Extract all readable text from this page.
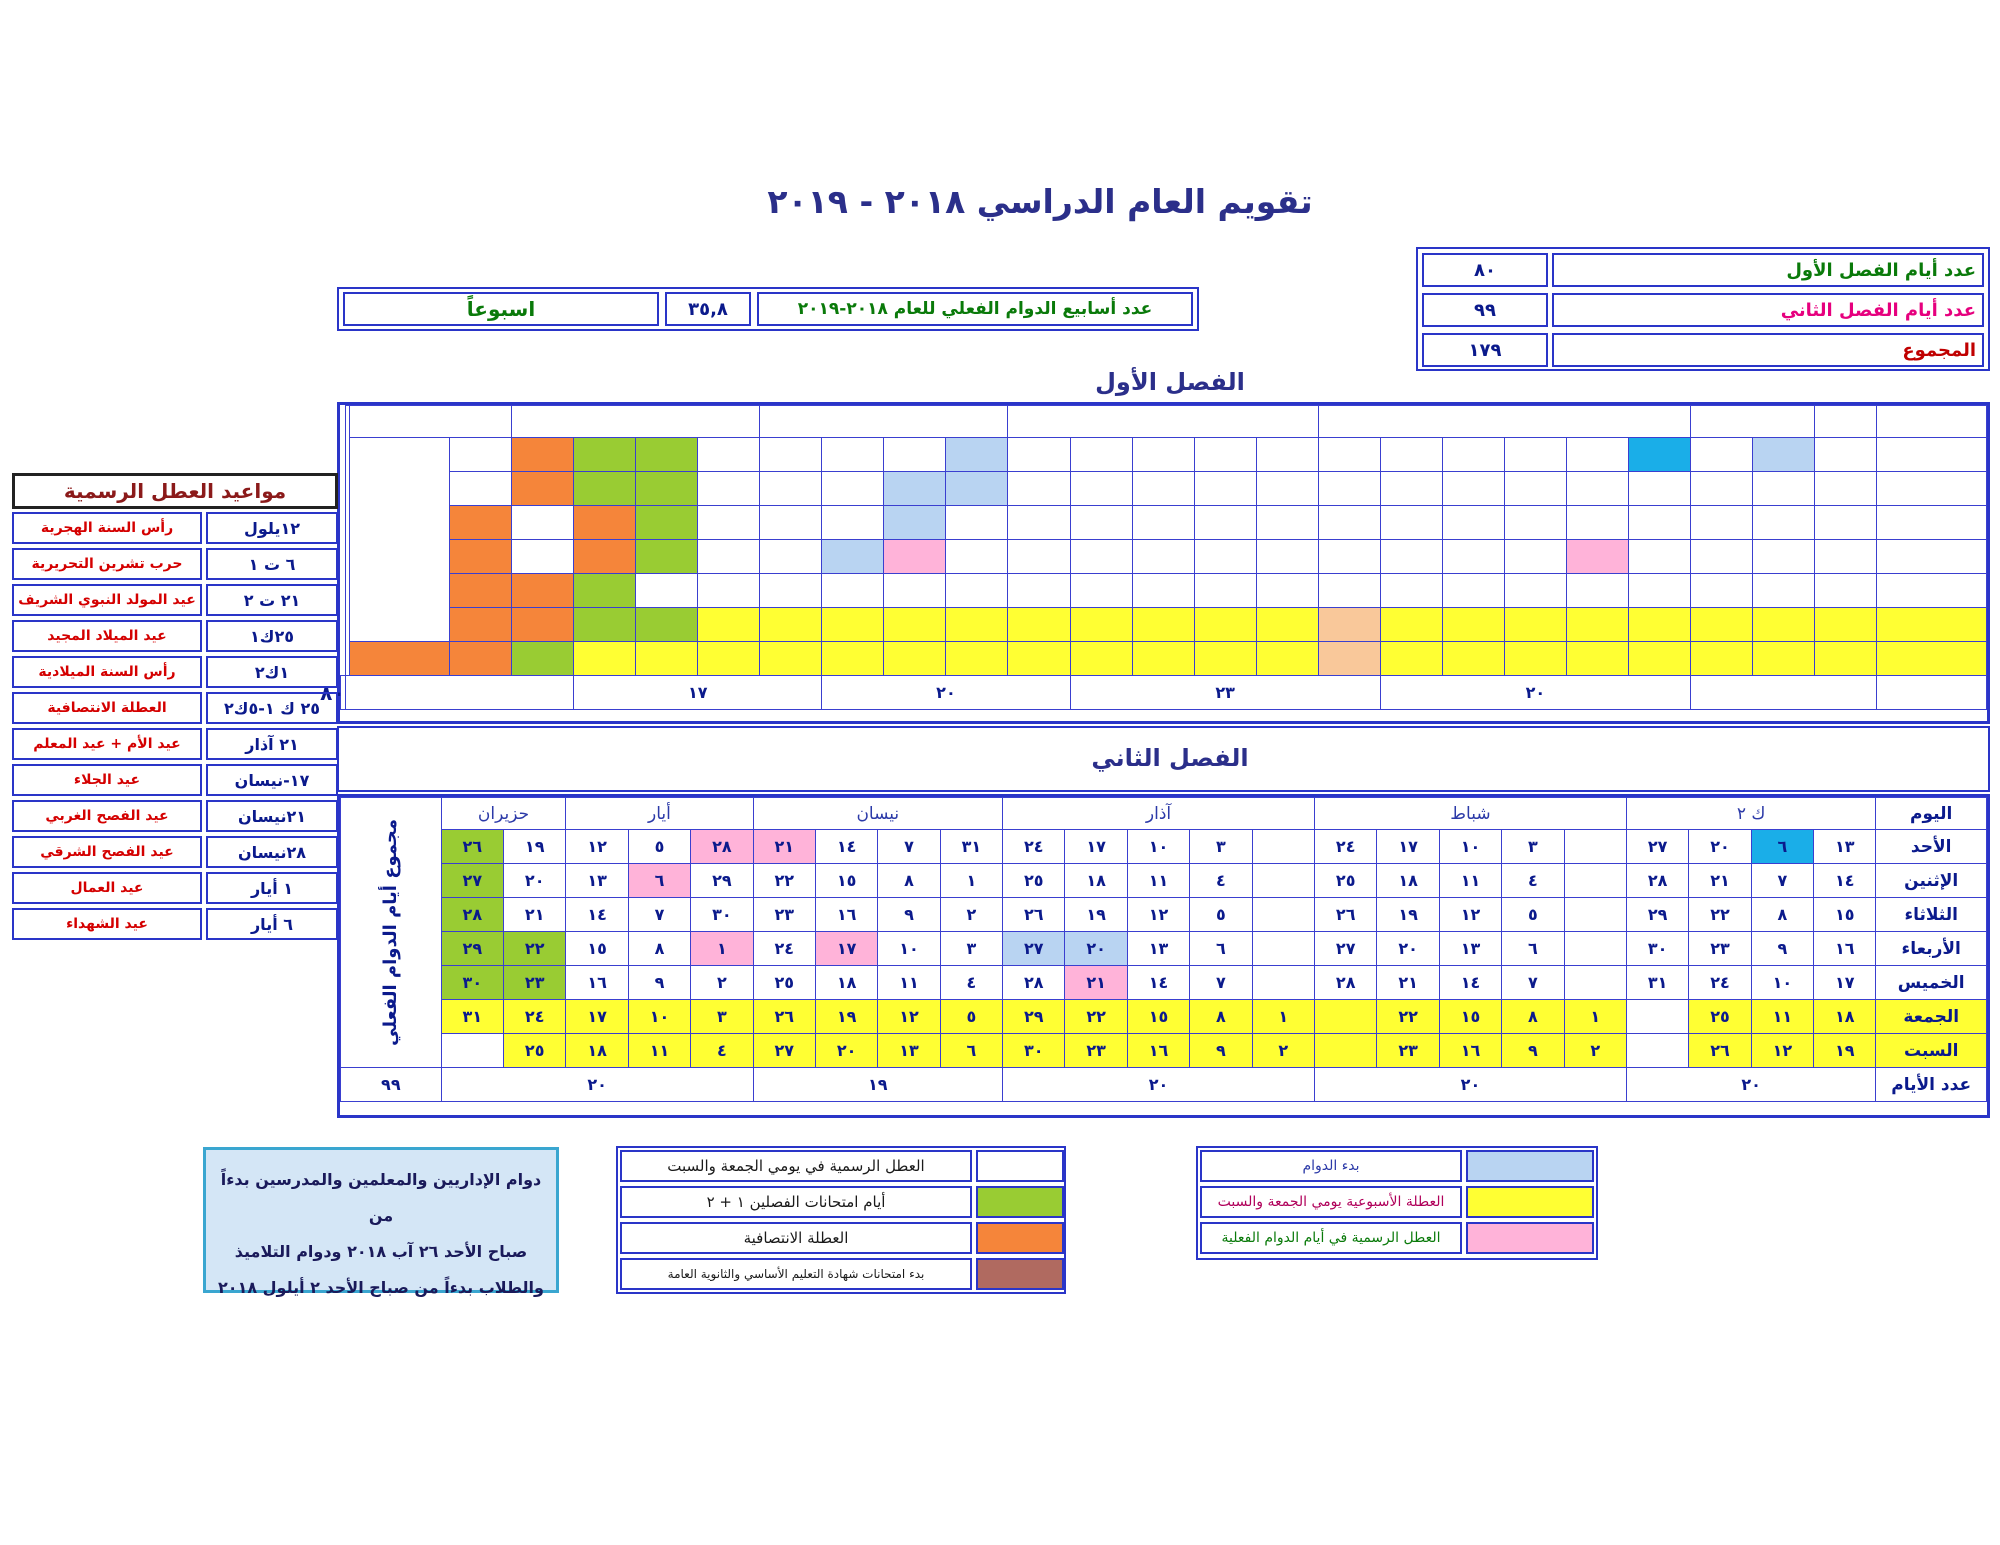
تقويم العام الدراسي ٢٠١٨ - ٢٠١٩
عدد أيام الفصل الأول
٨٠
عدد أيام الفصل الثاني
٩٩
المجموع
١٧٩
عدد أسابيع الدوام الفعلي للعام ٢٠١٨-٢٠١٩
٣٥,٨
اسبوعاً
الفصل الأول

				٢٠					٢٣					٢٠				١٧								٨٠
الفصل الثاني
اليوم	ك ٢				شباط					آذار					نيسان				أيار			حزيران		مجموع أيام الدوام الفعلي

الأحد	١٣	٦	٢٠	٢٧		٣	١٠	١٧	٢٤		٣	١٠	١٧	٢٤	٣١	٧	١٤	٢١	٢٨	٥	١٢	١٩	٢٦	
الإثنين	١٤	٧	٢١	٢٨		٤	١١	١٨	٢٥		٤	١١	١٨	٢٥	١	٨	١٥	٢٢	٢٩	٦	١٣	٢٠	٢٧	
الثلاثاء	١٥	٨	٢٢	٢٩		٥	١٢	١٩	٢٦		٥	١٢	١٩	٢٦	٢	٩	١٦	٢٣	٣٠	٧	١٤	٢١	٢٨	
الأربعاء	١٦	٩	٢٣	٣٠		٦	١٣	٢٠	٢٧		٦	١٣	٢٠	٢٧	٣	١٠	١٧	٢٤	١	٨	١٥	٢٢	٢٩	
الخميس	١٧	١٠	٢٤	٣١		٧	١٤	٢١	٢٨		٧	١٤	٢١	٢٨	٤	١١	١٨	٢٥	٢	٩	١٦	٢٣	٣٠	
الجمعة	١٨	١١	٢٥		١	٨	١٥	٢٢		١	٨	١٥	٢٢	٢٩	٥	١٢	١٩	٢٦	٣	١٠	١٧	٢٤	٣١	
السبت	١٩	١٢	٢٦		٢	٩	١٦	٢٣		٢	٩	١٦	٢٣	٣٠	٦	١٣	٢٠	٢٧	٤	١١	١٨	٢٥		
عدد الأيام	٢٠				٢٠					٢٠					١٩				٢٠					٩٩
مواعيد العطل الرسمية
رأس السنة الهجرية	١٢يلول
حرب تشرين التحريرية	٦ ت ١
عيد المولد النبوي الشريف	٢١ ت ٢
عيد الميلاد المجيد	٢٥ك١
رأس السنة الميلادية	١ك٢
العطلة الانتصافية	٢٥ ك ١-٥ك٢
عيد الأم + عيد المعلم	٢١ آذار
عيد الجلاء	١٧-نيسان
عيد الفصح الغربي	٢١نيسان
عيد الفصح الشرقي	٢٨نيسان
عيد العمال	١ أيار
عيد الشهداء	٦ أيار
دوام الإداريين والمعلمين والمدرسين بدءاً من
صباح الأحد ٢٦ آب ٢٠١٨ ودوام التلاميذ
والطلاب بدءاً من صباح الأحد ٢ أيلول ٢٠١٨
العطل الرسمية في يومي الجمعة والسبت
أيام امتحانات الفصلين ١ + ٢
العطلة الانتصافية
بدء امتحانات شهادة التعليم الأساسي والثانوية العامة
بدء الدوام
العطلة الأسبوعية يومي الجمعة والسبت
العطل الرسمية في أيام الدوام الفعلية
